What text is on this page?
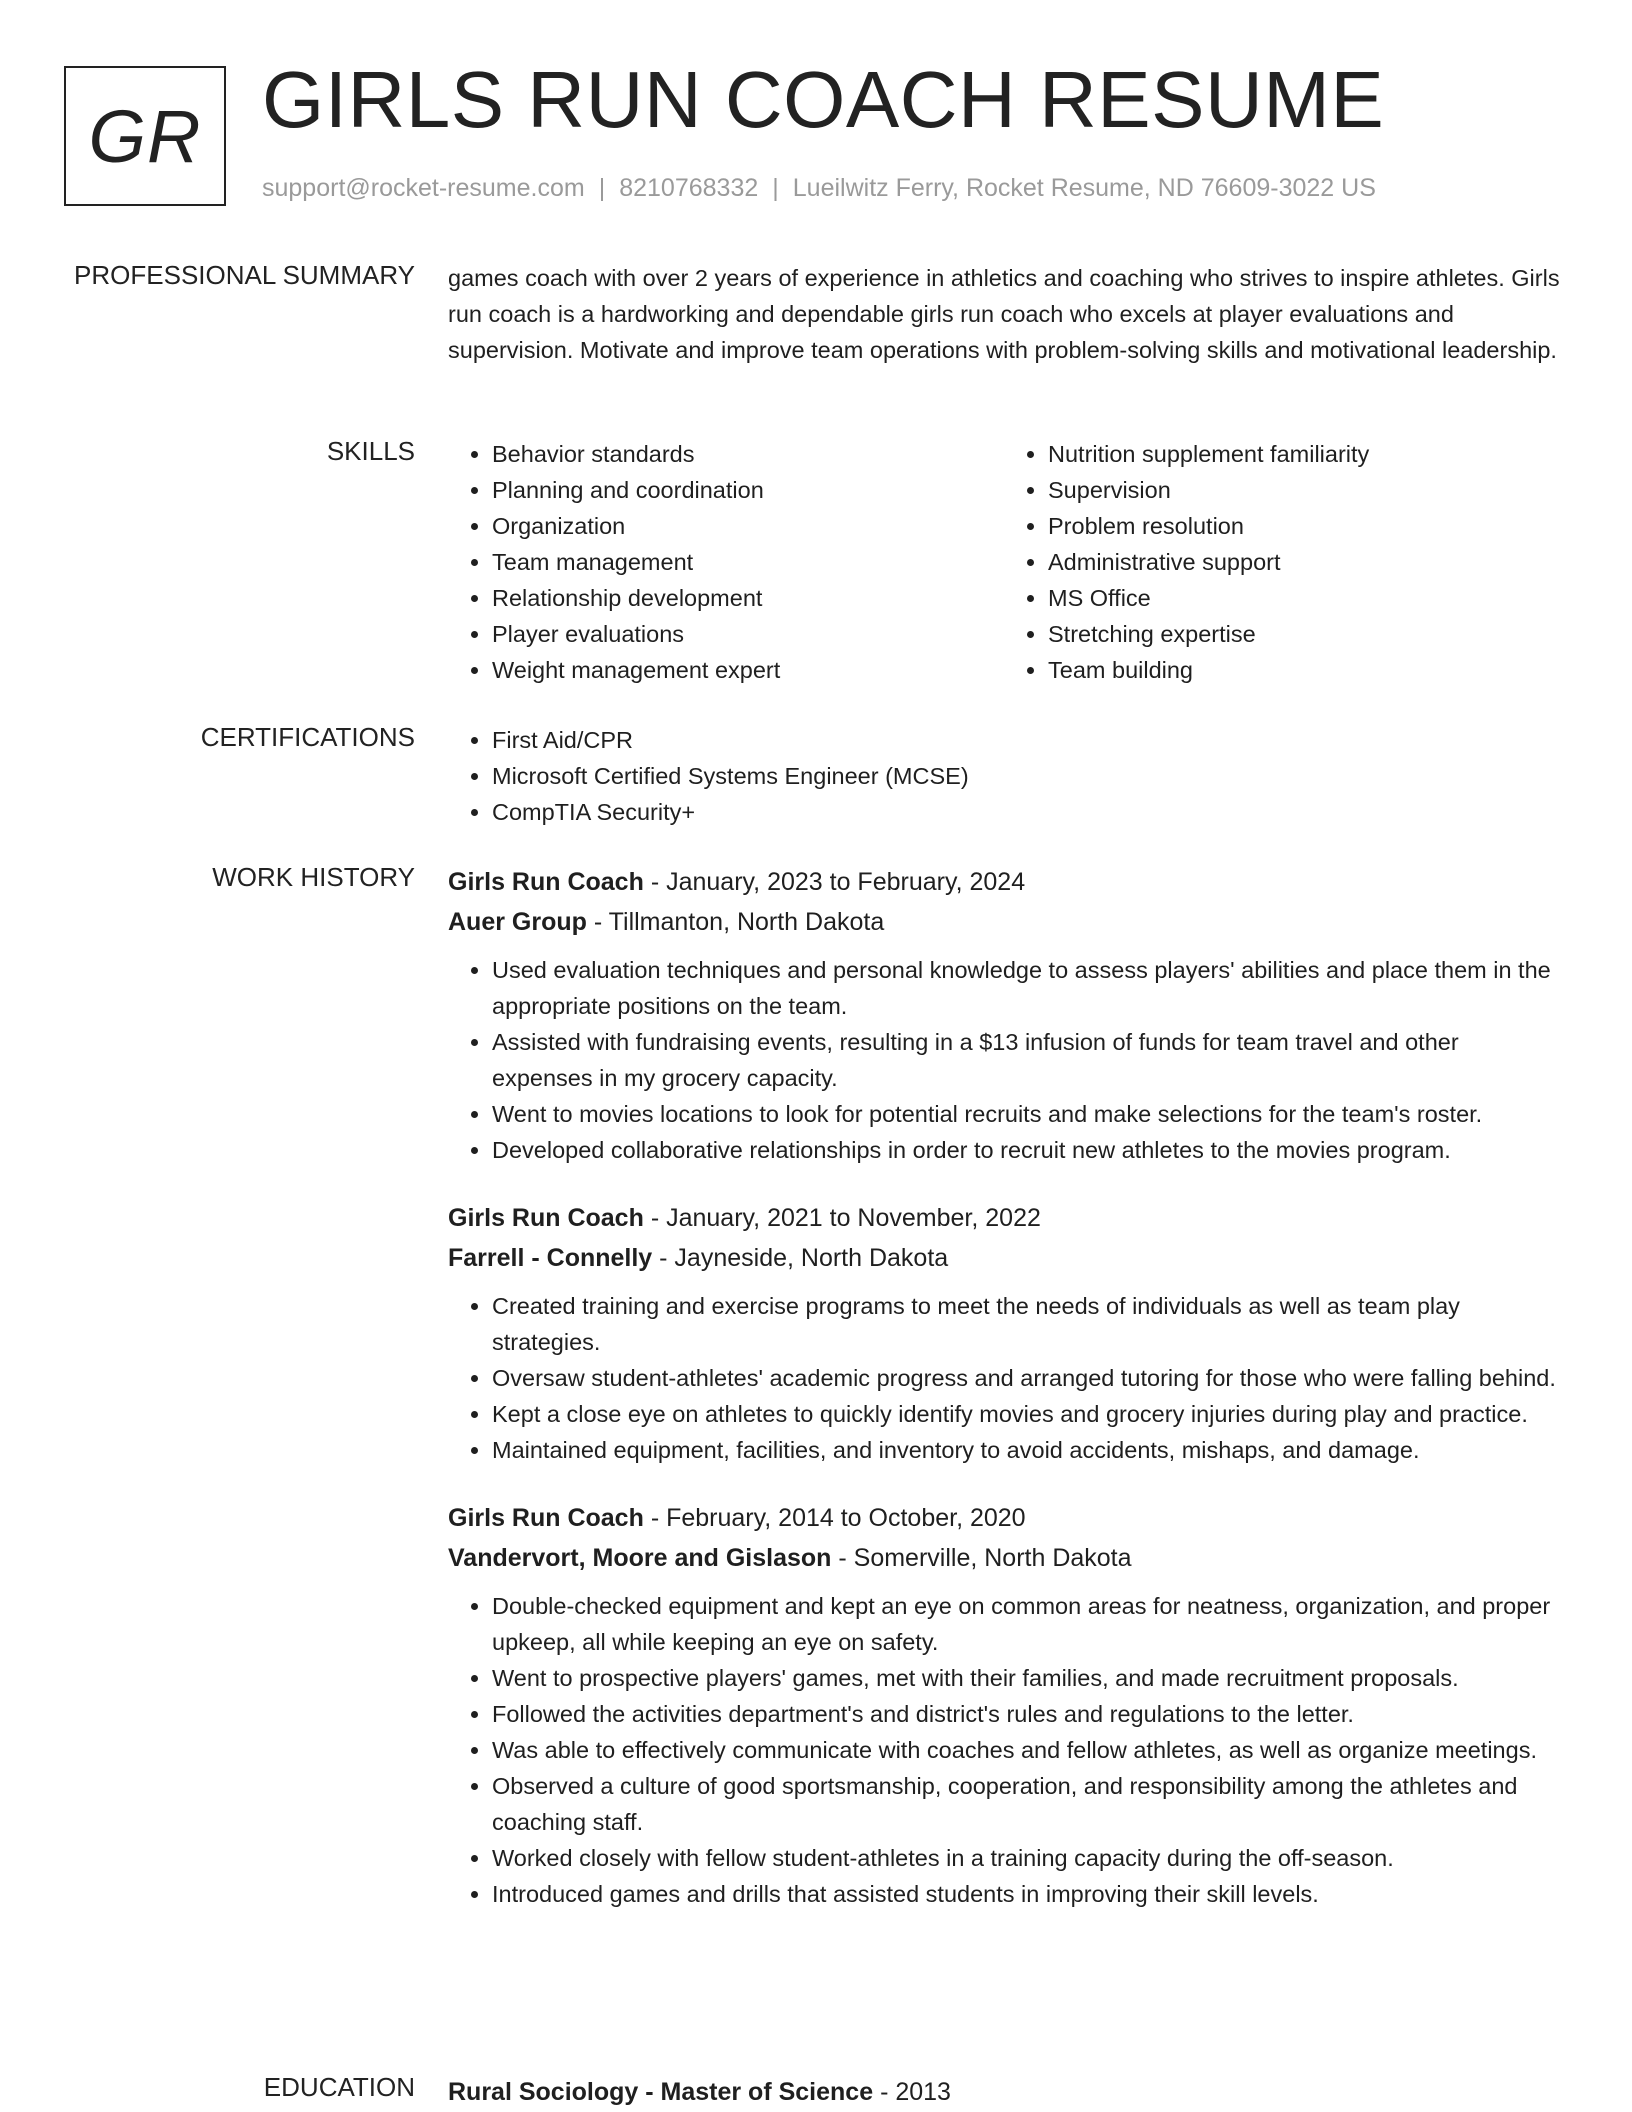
GR GIRLS RUN COACH RESUME
support@rocket-resume.com | 8210768332 | Lueilwitz Ferry, Rocket Resume, ND 76609-3022 US
PROFESSIONAL SUMMARY games coach with over 2 years of experience in athletics and coaching who strives to inspire athletes. Girls run coach is a hardworking and dependable girls run coach who excels at player evaluations and supervision. Motivate and improve team operations with problem-solving skills and motivational leadership.

SKILLS	• Behavior standards
• Planning and coordination
• Organization
• Team management
• Relationship development
• Player evaluations
• Weight management expert
• Nutrition supplement familiarity
• Supervision
• Problem resolution
• Administrative support
• MS Office
• Stretching expertise
• Team building
CERTIFICATIONS	• First Aid/CPR
• Microsoft Certified Systems Engineer (MCSE)
• CompTIA Security+
WORK HISTORY Girls Run Coach - January, 2023 to February, 2024
Auer Group - Tillmanton, North Dakota
• Used evaluation techniques and personal knowledge to assess players' abilities and place them in the appropriate positions on the team.
• Assisted with fundraising events, resulting in a $13 infusion of funds for team travel and other expenses in my grocery capacity.
• Went to movies locations to look for potential recruits and make selections for the team's roster.
• Developed collaborative relationships in order to recruit new athletes to the movies program.
Girls Run Coach - January, 2021 to November, 2022
Farrell - Connelly - Jayneside, North Dakota
• Created training and exercise programs to meet the needs of individuals as well as team play strategies.
• Oversaw student-athletes' academic progress and arranged tutoring for those who were falling behind.
• Kept a close eye on athletes to quickly identify movies and grocery injuries during play and practice.
• Maintained equipment, facilities, and inventory to avoid accidents, mishaps, and damage.
Girls Run Coach - February, 2014 to October, 2020
Vandervort, Moore and Gislason - Somerville, North Dakota
• Double-checked equipment and kept an eye on common areas for neatness, organization, and proper upkeep, all while keeping an eye on safety.
• Went to prospective players' games, met with their families, and made recruitment proposals.
• Followed the activities department's and district's rules and regulations to the letter.
• Was able to effectively communicate with coaches and fellow athletes, as well as organize meetings.
• Observed a culture of good sportsmanship, cooperation, and responsibility among the athletes and coaching staff.
• Worked closely with fellow student-athletes in a training capacity during the off-season.
• Introduced games and drills that assisted students in improving their skill levels.
EDUCATION Rural Sociology - Master of Science - 2013
